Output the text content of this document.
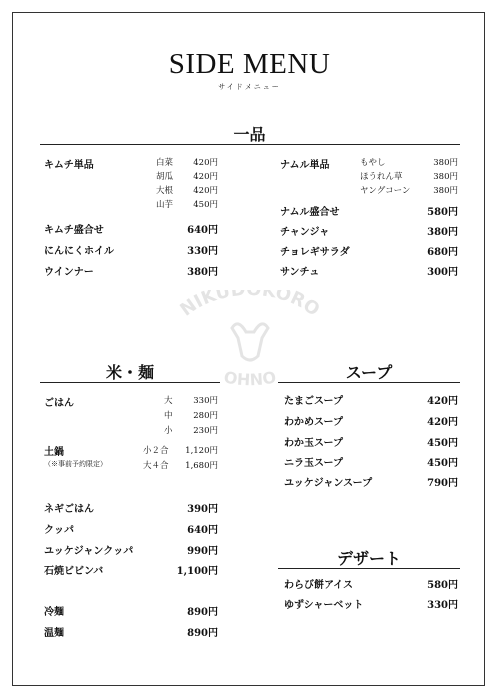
SIDE MENU
サイドメニュー
NIKUD KORO
OHNO
一品
キムチ単品	白菜	420円
胡瓜	420円
大根	420円
山芋	450円
キムチ盛合せ	640円
にんにくホイル	330円
ウインナー	380円
ナムル単品	もやし	380円
ほうれん草	380円
ヤングコーン	380円
ナムル盛合せ	580円
チャンジャ	380円
チョレギサラダ	680円
サンチュ	300円
米・麺
ごはん	大	330円
中	280円
小	230円
土鍋
（※事前予約限定）
小２合	1,120円
大４合	1,680円
ネギごはん	390円
クッパ	640円
ユッケジャンクッパ	990円
石焼ビビンバ	1,100円
冷麺	890円
温麺	890円
スープ
たまごスープ	420円
わかめスープ	420円
わか玉スープ	450円
ニラ玉スープ	450円
ユッケジャンスープ	790円
デザート
わらび餅アイス	580円
ゆずシャーベット	330円
